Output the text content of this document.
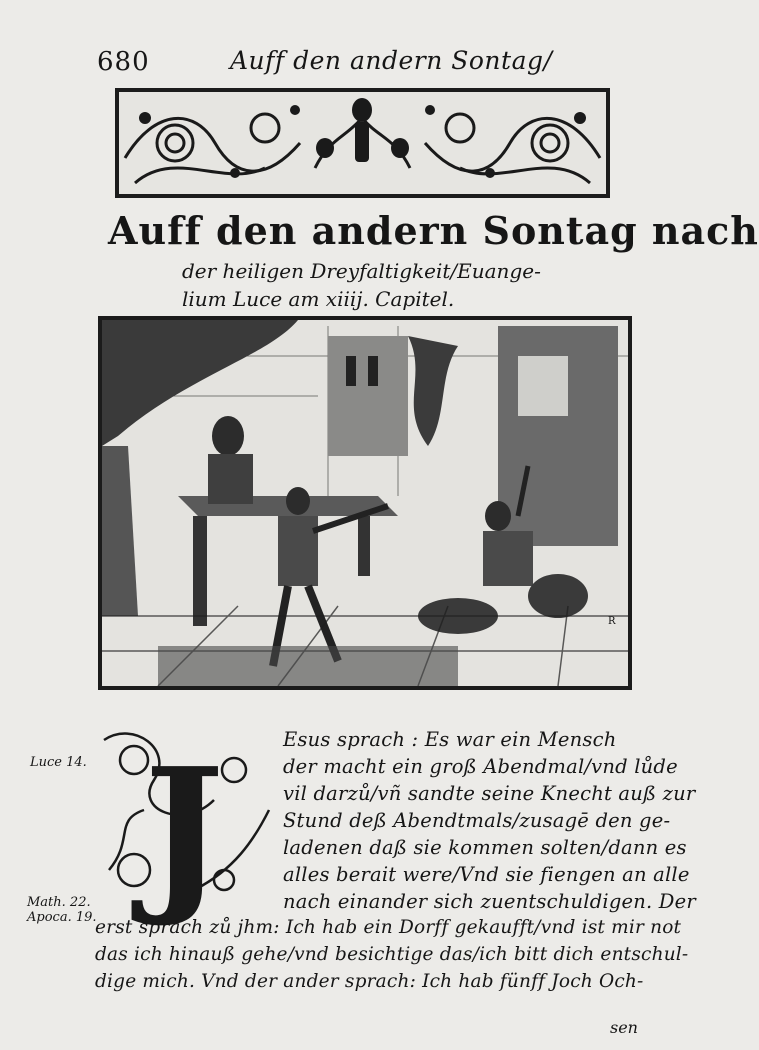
680	Auff den andern Sontag/
Auff den andern Sontag nach
der heiligen Dreyfaltigkeit/Euange-
lium Luce am xiiij. Capitel.
R
J
Luce 14.
Math. 22.
Apoca. 19.
Esus sprach : Es war ein Mensch
der macht ein groß Abendmal/vnd lůde
vil darzů/vñ sandte seine Knecht auß zur
Stund deß Abendtmals/zusagē den ge-
ladenen daß sie kommen solten/dann es
alles berait were/Vnd sie fiengen an alle
nach einander sich zuentschuldigen. Der
erst sprach zů jhm: Ich hab ein Dorff gekaufft/vnd ist mir not
das ich hinauß gehe/vnd besichtige das/ich bitt dich entschul-
dige mich. Vnd der ander sprach: Ich hab fünff Joch Och-
sen
